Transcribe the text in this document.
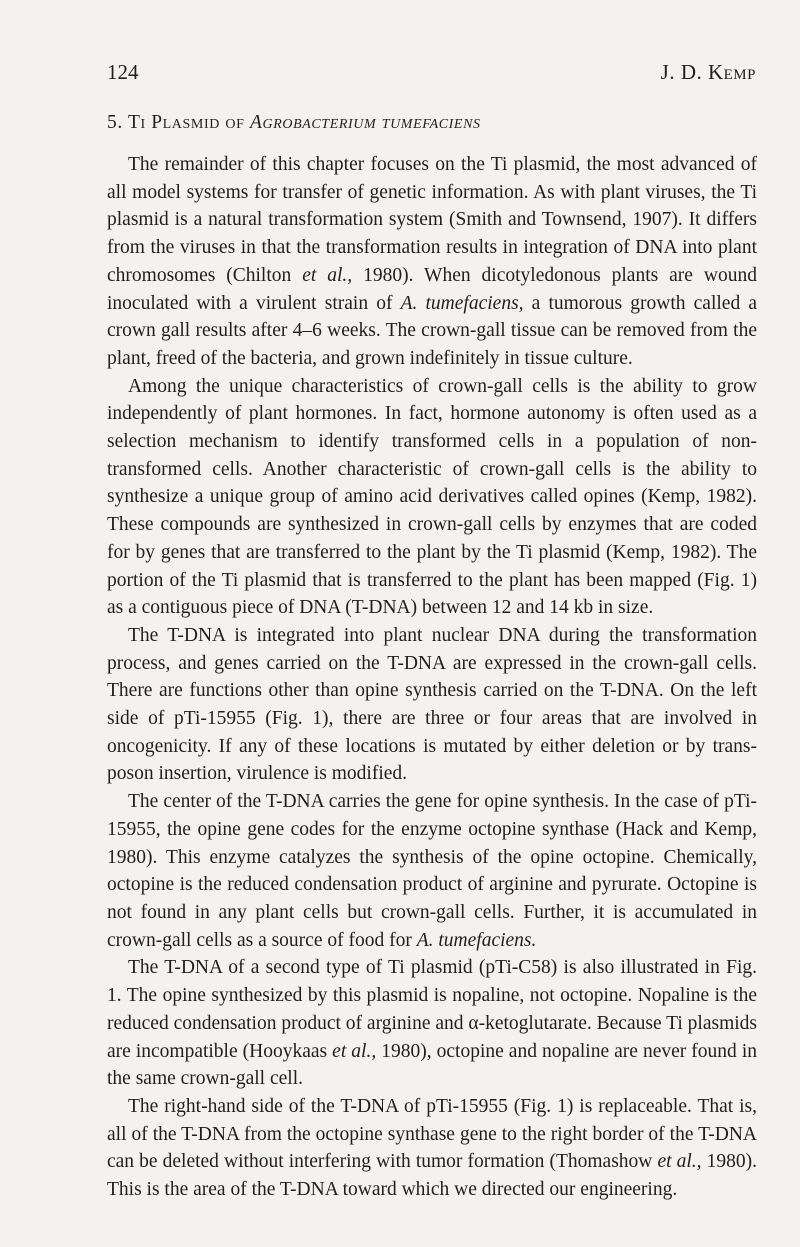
124	J. D. Kemp
5. Ti Plasmid of Agrobacterium tumefaciens

The remainder of this chapter focuses on the Ti plasmid, the most advanced of all model systems for transfer of genetic information. As with plant viruses, the Ti plasmid is a natural transformation system (Smith and Townsend, 1907). It differs from the viruses in that the transformation results in integration of DNA into plant chromosomes (Chilton et al., 1980). When dicotyledonous plants are wound inoculated with a virulent strain of A. tumefaciens, a tumorous growth called a crown gall results after 4–6 weeks. The crown-gall tissue can be removed from the plant, freed of the bacteria, and grown indefinitely in tissue culture.

Among the unique characteristics of crown-gall cells is the ability to grow independently of plant hormones. In fact, hormone autonomy is often used as a selection mechanism to identify transformed cells in a population of nontransformed cells. Another characteristic of crown-gall cells is the ability to synthesize a unique group of amino acid derivatives called opines (Kemp, 1982). These compounds are synthesized in crown-gall cells by enzymes that are coded for by genes that are transferred to the plant by the Ti plasmid (Kemp, 1982). The portion of the Ti plasmid that is transferred to the plant has been mapped (Fig. 1) as a contiguous piece of DNA (T-DNA) between 12 and 14 kb in size.

The T-DNA is integrated into plant nuclear DNA during the transformation process, and genes carried on the T-DNA are expressed in the crown-gall cells. There are functions other than opine synthesis carried on the T-DNA. On the left side of pTi-15955 (Fig. 1), there are three or four areas that are involved in oncogenicity. If any of these locations is mutated by either deletion or by transposon insertion, virulence is modified.

The center of the T-DNA carries the gene for opine synthesis. In the case of pTi-15955, the opine gene codes for the enzyme octopine synthase (Hack and Kemp, 1980). This enzyme catalyzes the synthesis of the opine octopine. Chemically, octopine is the reduced condensation product of arginine and pyrurate. Octopine is not found in any plant cells but crown-gall cells. Further, it is accumulated in crown-gall cells as a source of food for A. tumefaciens.

The T-DNA of a second type of Ti plasmid (pTi-C58) is also illustrated in Fig. 1. The opine synthesized by this plasmid is nopaline, not octopine. Nopaline is the reduced condensation product of arginine and α-ketoglutarate. Because Ti plasmids are incompatible (Hooykaas et al., 1980), octopine and nopaline are never found in the same crown-gall cell.

The right-hand side of the T-DNA of pTi-15955 (Fig. 1) is replaceable. That is, all of the T-DNA from the octopine synthase gene to the right border of the T-DNA can be deleted without interfering with tumor formation (Thomashow et al., 1980). This is the area of the T-DNA toward which we directed our engineering.
